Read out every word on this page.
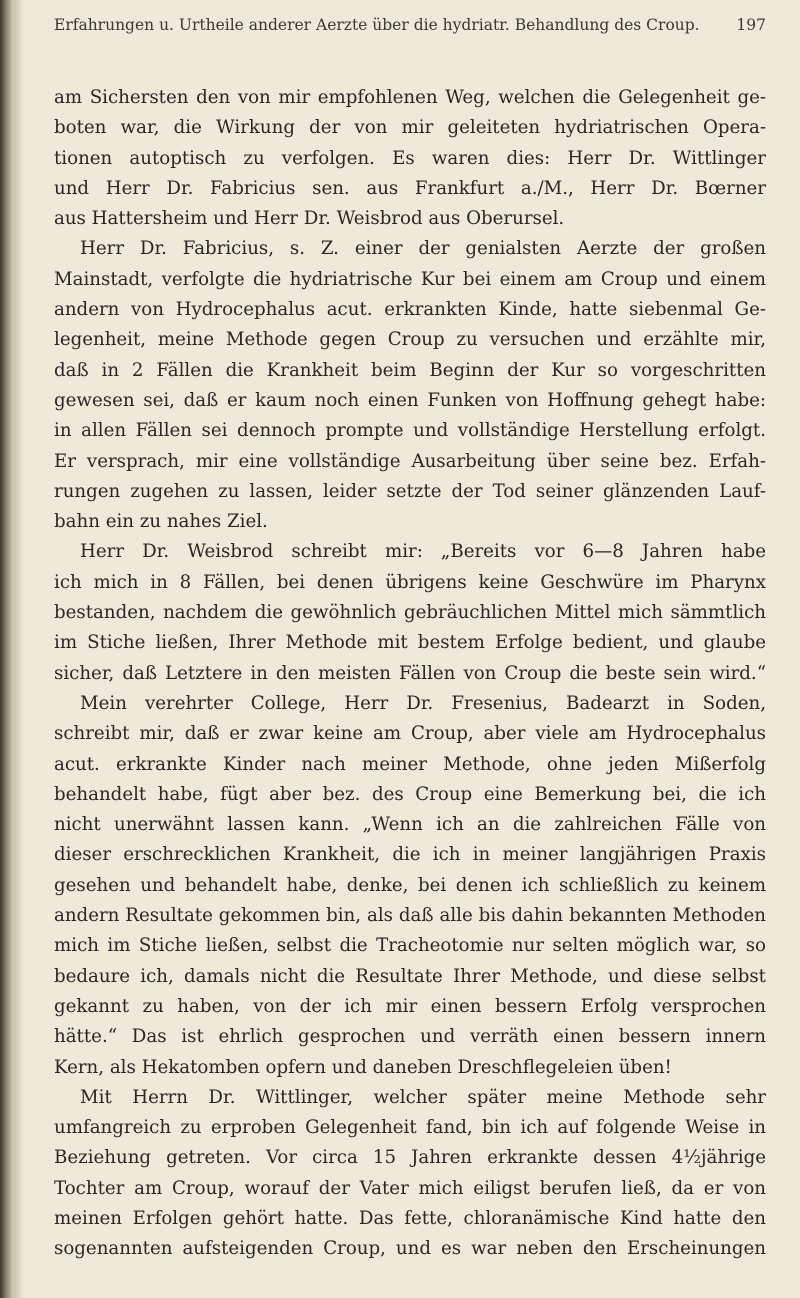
Erfahrungen u. Urtheile anderer Aerzte über die hydriatr. Behandlung des Croup. 197
am Sichersten den von mir empfohlenen Weg, welchen die Gelegenheit ge-
boten war, die Wirkung der von mir geleiteten hydriatrischen Opera-
tionen autoptisch zu verfolgen. Es waren dies: Herr Dr. Wittlinger
und Herr Dr. Fabricius sen. aus Frankfurt a./M., Herr Dr. Bœrner
aus Hattersheim und Herr Dr. Weisbrod aus Oberursel.
Herr Dr. Fabricius, s. Z. einer der genialsten Aerzte der großen
Mainstadt, verfolgte die hydriatrische Kur bei einem am Croup und einem
andern von Hydrocephalus acut. erkrankten Kinde, hatte siebenmal Ge-
legenheit, meine Methode gegen Croup zu versuchen und erzählte mir,
daß in 2 Fällen die Krankheit beim Beginn der Kur so vorgeschritten
gewesen sei, daß er kaum noch einen Funken von Hoffnung gehegt habe:
in allen Fällen sei dennoch prompte und vollständige Herstellung erfolgt.
Er versprach, mir eine vollständige Ausarbeitung über seine bez. Erfah-
rungen zugehen zu lassen, leider setzte der Tod seiner glänzenden Lauf-
bahn ein zu nahes Ziel.
Herr Dr. Weisbrod schreibt mir: „Bereits vor 6—8 Jahren habe
ich mich in 8 Fällen, bei denen übrigens keine Geschwüre im Pharynx
bestanden, nachdem die gewöhnlich gebräuchlichen Mittel mich sämmtlich
im Stiche ließen, Ihrer Methode mit bestem Erfolge bedient, und glaube
sicher, daß Letztere in den meisten Fällen von Croup die beste sein wird.“
Mein verehrter College, Herr Dr. Fresenius, Badearzt in Soden,
schreibt mir, daß er zwar keine am Croup, aber viele am Hydrocephalus
acut. erkrankte Kinder nach meiner Methode, ohne jeden Mißerfolg
behandelt habe, fügt aber bez. des Croup eine Bemerkung bei, die ich
nicht unerwähnt lassen kann. „Wenn ich an die zahlreichen Fälle von
dieser erschrecklichen Krankheit, die ich in meiner langjährigen Praxis
gesehen und behandelt habe, denke, bei denen ich schließlich zu keinem
andern Resultate gekommen bin, als daß alle bis dahin bekannten Methoden
mich im Stiche ließen, selbst die Tracheotomie nur selten möglich war, so
bedaure ich, damals nicht die Resultate Ihrer Methode, und diese selbst
gekannt zu haben, von der ich mir einen bessern Erfolg versprochen
hätte.“ Das ist ehrlich gesprochen und verräth einen bessern innern
Kern, als Hekatomben opfern und daneben Dreschflegeleien üben!
Mit Herrn Dr. Wittlinger, welcher später meine Methode sehr
umfangreich zu erproben Gelegenheit fand, bin ich auf folgende Weise in
Beziehung getreten. Vor circa 15 Jahren erkrankte dessen 4½jährige
Tochter am Croup, worauf der Vater mich eiligst berufen ließ, da er von
meinen Erfolgen gehört hatte. Das fette, chloranämische Kind hatte den
sogenannten aufsteigenden Croup, und es war neben den Erscheinungen
